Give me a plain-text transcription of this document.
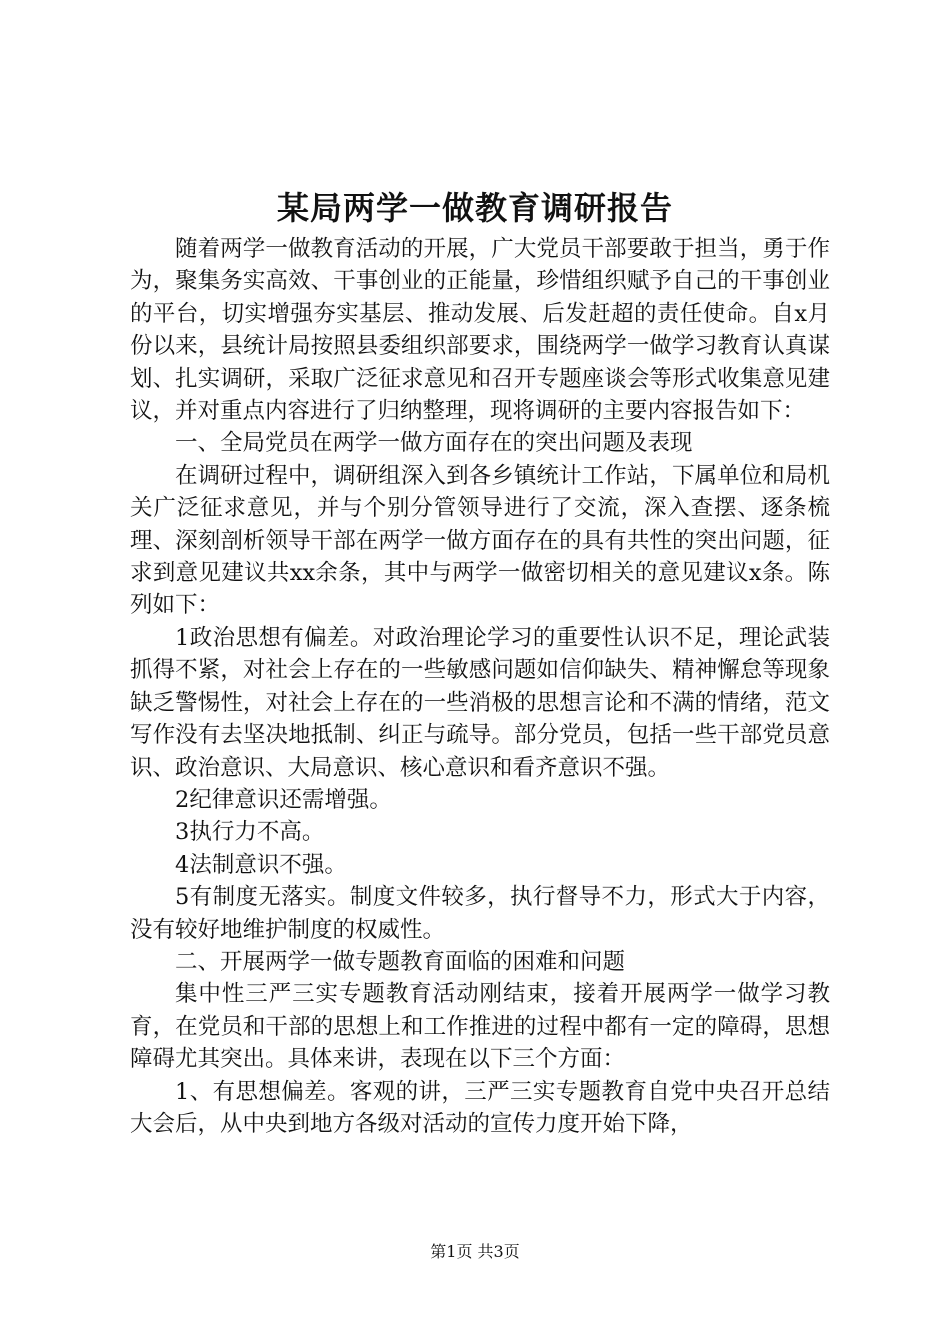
某局两学一做教育调研报告

随着两学一做教育活动的开展，广大党员干部要敢于担当，勇于作为，聚集务实高效、干事创业的正能量，珍惜组织赋予自己的干事创业的平台，切实增强夯实基层、推动发展、后发赶超的责任使命。自x月份以来，县统计局按照县委组织部要求，围绕两学一做学习教育认真谋划、扎实调研，采取广泛征求意见和召开专题座谈会等形式收集意见建议，并对重点内容进行了归纳整理，现将调研的主要内容报告如下：

一、全局党员在两学一做方面存在的突出问题及表现

在调研过程中，调研组深入到各乡镇统计工作站，下属单位和局机关广泛征求意见，并与个别分管领导进行了交流，深入查摆、逐条梳理、深刻剖析领导干部在两学一做方面存在的具有共性的突出问题，征求到意见建议共xx余条，其中与两学一做密切相关的意见建议x条。陈列如下：

1政治思想有偏差。对政治理论学习的重要性认识不足，理论武装抓得不紧，对社会上存在的一些敏感问题如信仰缺失、精神懈怠等现象缺乏警惕性，对社会上存在的一些消极的思想言论和不满的情绪，范文写作没有去坚决地抵制、纠正与疏导。部分党员，包括一些干部党员意识、政治意识、大局意识、核心意识和看齐意识不强。

2纪律意识还需增强。

3执行力不高。

4法制意识不强。

5有制度无落实。制度文件较多，执行督导不力，形式大于内容，没有较好地维护制度的权威性。

二、开展两学一做专题教育面临的困难和问题

集中性三严三实专题教育活动刚结束，接着开展两学一做学习教育，在党员和干部的思想上和工作推进的过程中都有一定的障碍，思想障碍尤其突出。具体来讲，表现在以下三个方面：

1、有思想偏差。客观的讲，三严三实专题教育自党中央召开总结大会后，从中央到地方各级对活动的宣传力度开始下降，

第1页 共3页
